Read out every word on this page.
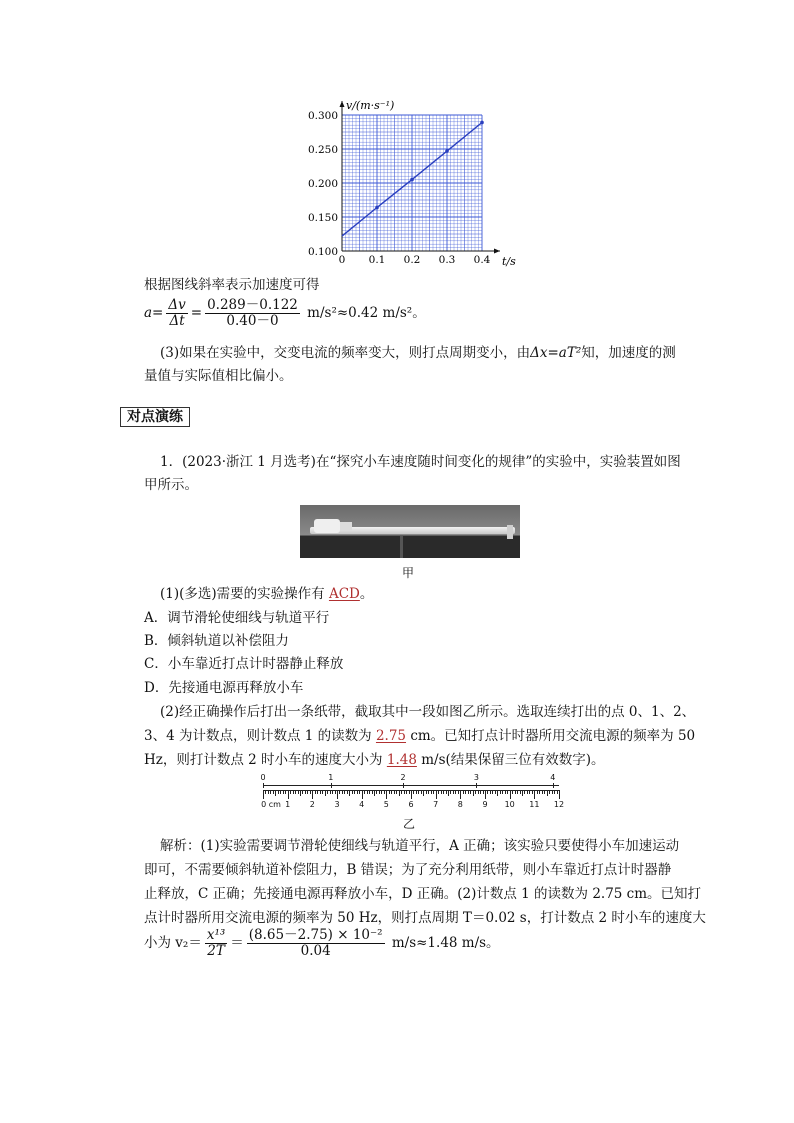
0 0.1 0.2 0.3 0.4
0.100
0.150
0.200
0.250
0.300
v/(m·s⁻¹)
t/s
根据图线斜率表示加速度可得
$a= \frac{\Delta v}{\Delta t} = \frac{0.289-0.122}{0.40-0} m/s^2\approx 0.42$ m/s²。
(3)如果在实验中，交变电流的频率变大，则打点周期变小，由Δx=aT²知，加速度的测
量值与实际值相比偏小。
对点演练
1．(2023·浙江 1 月选考)在“探究小车速度随时间变化的规律”的实验中，实验装置如图
甲所示。
甲
(1)(多选)需要的实验操作有 ACD。
A．调节滑轮使细线与轨道平行
B．倾斜轨道以补偿阻力
C．小车靠近打点计时器静止释放
D．先接通电源再释放小车
(2)经正确操作后打出一条纸带，截取其中一段如图乙所示。选取连续打出的点 0、1、2、
3、4 为计数点，则计数点 1 的读数为 2.75 cm。已知打点计时器所用交流电源的频率为 50
Hz，则打计数点 2 时小车的速度大小为 1.48 m/s(结果保留三位有效数字)。
0	1	2	3	4
0 cm 1 2 3 4 5 6 7 8 9 10 11 12
乙
解析：(1)实验需要调节滑轮使细线与轨道平行，A 正确；该实验只要使得小车加速运动
即可，不需要倾斜轨道补偿阻力，B 错误；为了充分利用纸带，则小车靠近打点计时器静
止释放，C 正确；先接通电源再释放小车，D 正确。(2)计数点 1 的读数为 2.75 cm。已知打
点计时器所用交流电源的频率为 50 Hz，则打点周期 T＝0.02 s，打计数点 2 时小车的速度大
小为 $v_2= \frac{\text{x¹³}}{2T} = \frac{\text{(8.65－2.75) × 10⁻²}}{0.04} m/s\approx 1.48$ m/s。
